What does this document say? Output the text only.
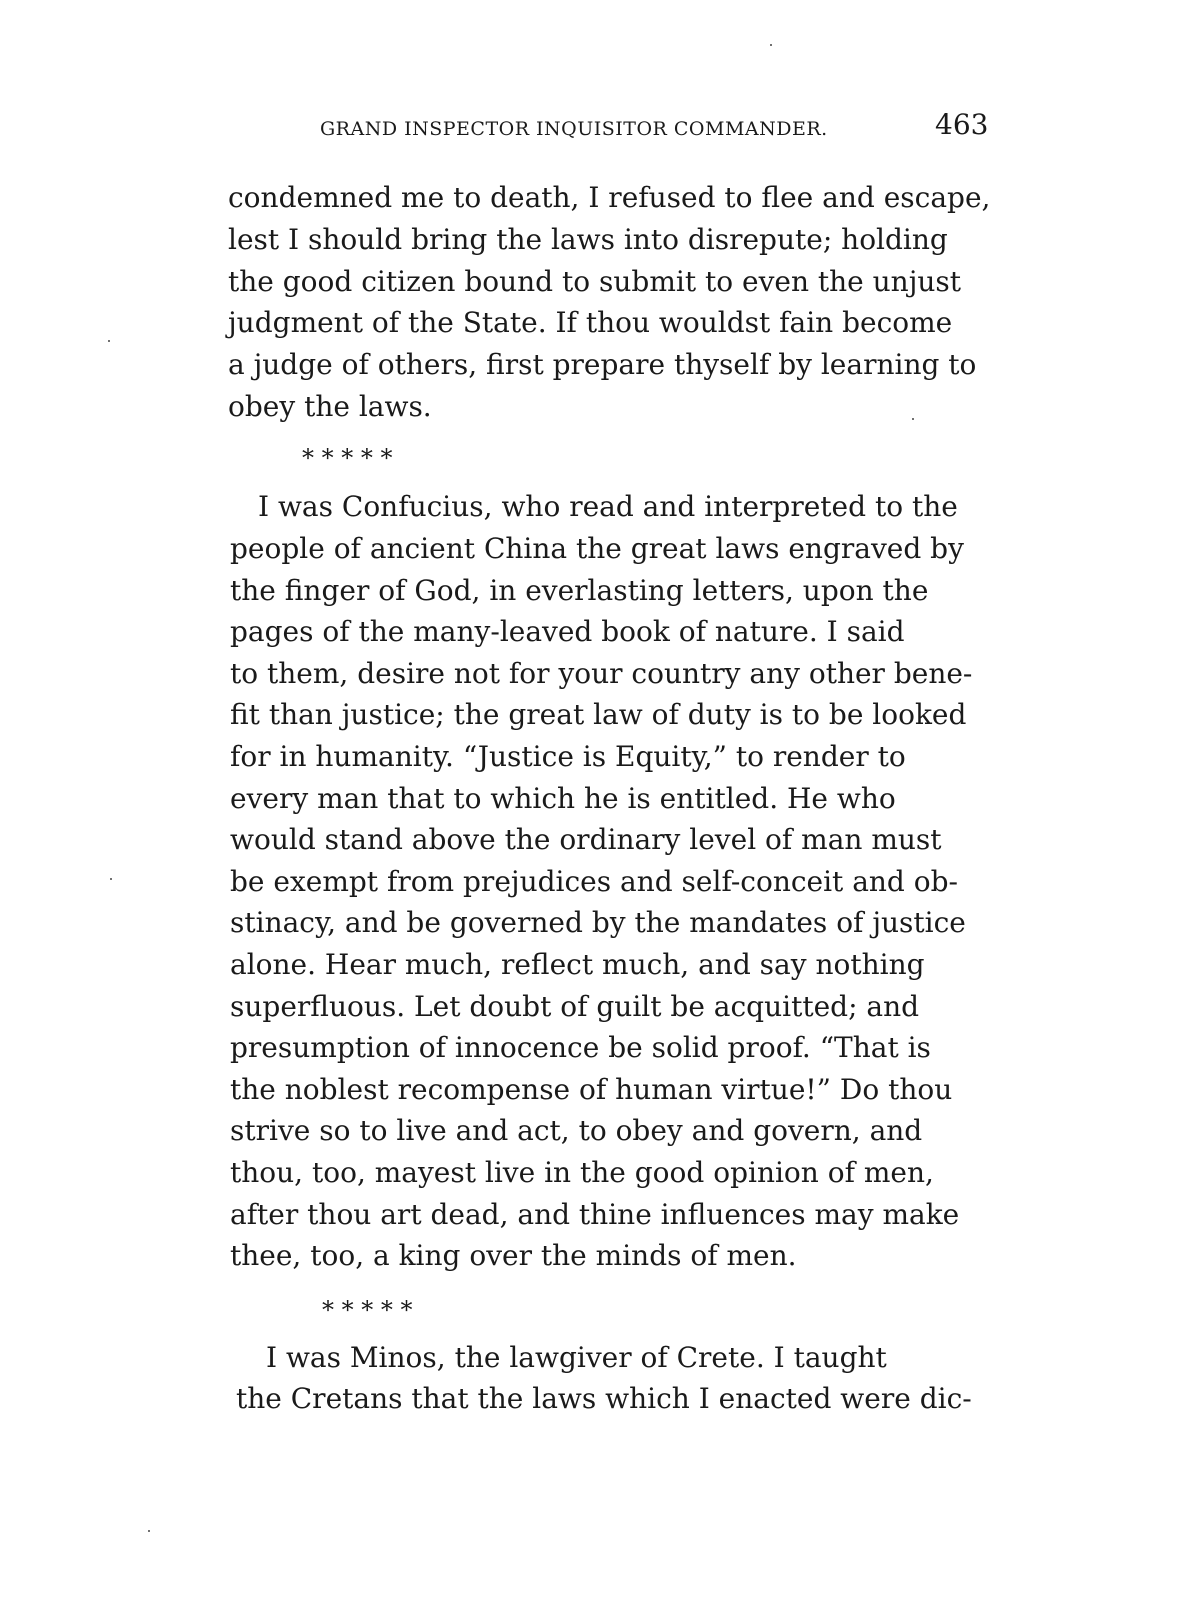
GRAND INSPECTOR INQUISITOR COMMANDER.	463
condemned me to death, I refused to flee and escape,
lest I should bring the laws into disrepute; holding
the good citizen bound to submit to even the unjust
judgment of the State. If thou wouldst fain become
a judge of others, first prepare thyself by learning to
obey the laws.
* * * * *
I was Confucius, who read and interpreted to the
people of ancient China the great laws engraved by
the finger of God, in everlasting letters, upon the
pages of the many-leaved book of nature. I said
to them, desire not for your country any other bene-
fit than justice; the great law of duty is to be looked
for in humanity. “Justice is Equity,” to render to
every man that to which he is entitled. He who
would stand above the ordinary level of man must
be exempt from prejudices and self-conceit and ob-
stinacy, and be governed by the mandates of justice
alone. Hear much, reflect much, and say nothing
superfluous. Let doubt of guilt be acquitted; and
presumption of innocence be solid proof. “That is
the noblest recompense of human virtue!” Do thou
strive so to live and act, to obey and govern, and
thou, too, mayest live in the good opinion of men,
after thou art dead, and thine influences may make
thee, too, a king over the minds of men.
* * * * *
I was Minos, the lawgiver of Crete. I taught
the Cretans that the laws which I enacted were dic-
